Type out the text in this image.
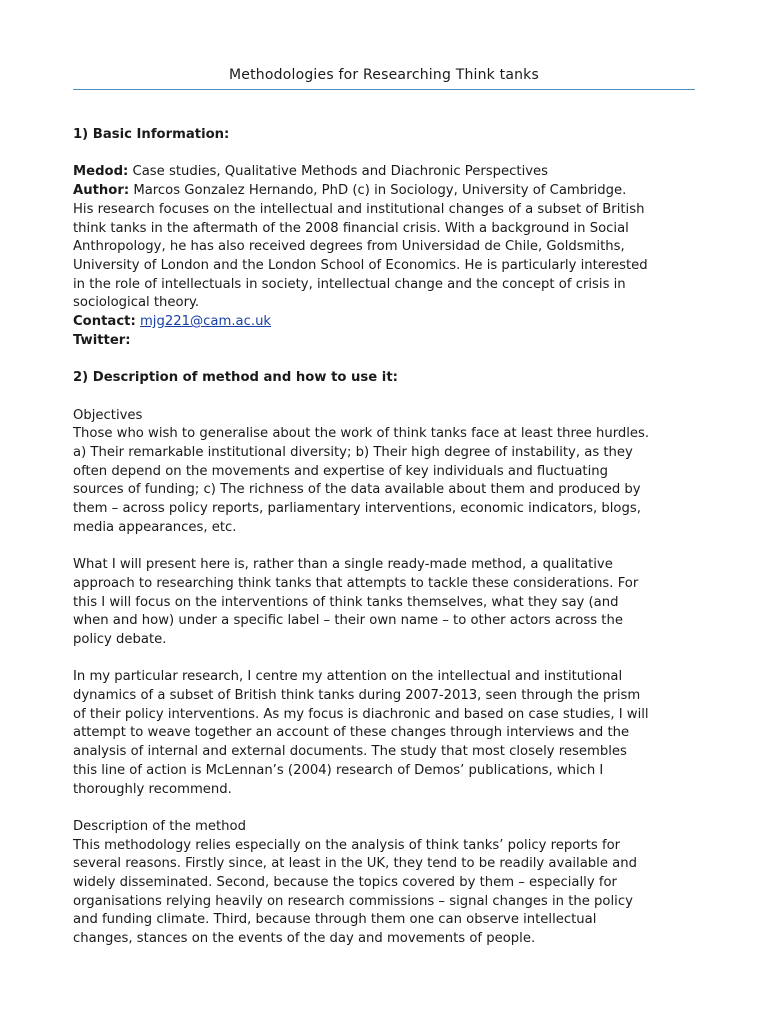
Methodologies for Researching Think tanks

1) Basic Information:

Medod: Case studies, Qualitative Methods and Diachronic Perspectives

Author: Marcos Gonzalez Hernando, PhD (c) in Sociology, University of Cambridge.

His research focuses on the intellectual and institutional changes of a subset of British

think tanks in the aftermath of the 2008 financial crisis. With a background in Social

Anthropology, he has also received degrees from Universidad de Chile, Goldsmiths,

University of London and the London School of Economics. He is particularly interested

in the role of intellectuals in society, intellectual change and the concept of crisis in

sociological theory.

Contact: mjg221@cam.ac.uk

Twitter:

2) Description of method and how to use it:

Objectives

Those who wish to generalise about the work of think tanks face at least three hurdles.

a) Their remarkable institutional diversity; b) Their high degree of instability, as they

often depend on the movements and expertise of key individuals and fluctuating

sources of funding; c) The richness of the data available about them and produced by

them – across policy reports, parliamentary interventions, economic indicators, blogs,

media appearances, etc.

What I will present here is, rather than a single ready-made method, a qualitative

approach to researching think tanks that attempts to tackle these considerations. For

this I will focus on the interventions of think tanks themselves, what they say (and

when and how) under a specific label – their own name – to other actors across the

policy debate.

In my particular research, I centre my attention on the intellectual and institutional

dynamics of a subset of British think tanks during 2007-2013, seen through the prism

of their policy interventions. As my focus is diachronic and based on case studies, I will

attempt to weave together an account of these changes through interviews and the

analysis of internal and external documents. The study that most closely resembles

this line of action is McLennan’s (2004) research of Demos’ publications, which I

thoroughly recommend.

Description of the method

This methodology relies especially on the analysis of think tanks’ policy reports for

several reasons. Firstly since, at least in the UK, they tend to be readily available and

widely disseminated. Second, because the topics covered by them – especially for

organisations relying heavily on research commissions – signal changes in the policy

and funding climate. Third, because through them one can observe intellectual

changes, stances on the events of the day and movements of people.
